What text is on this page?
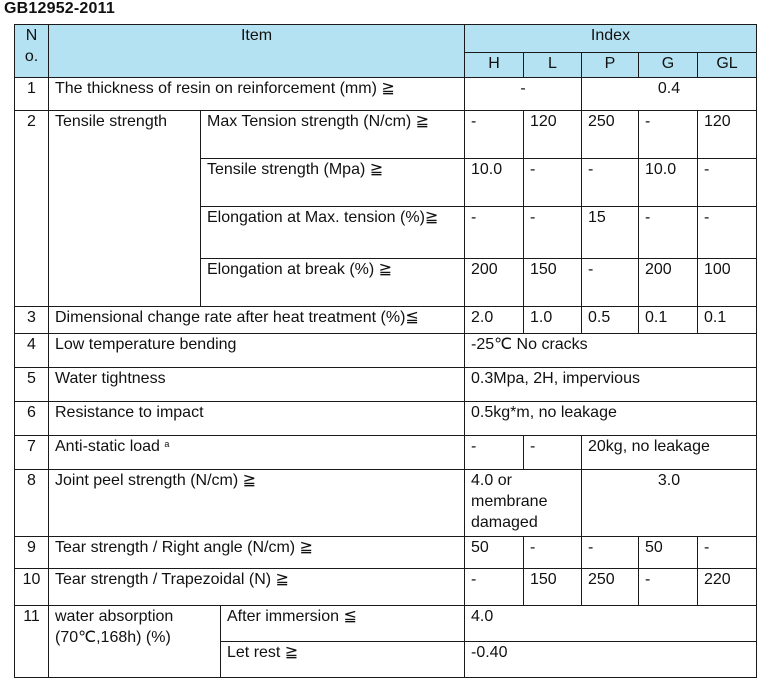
GB12952-2011
N o.	Item			Index				
				H	L	P	G	GL
1	The thickness of resin on reinforcement (mm) ≧			-		0.4		
2	Tensile strength	Max Tension strength (N/cm) ≧		-	120	250	-	120
		Tensile strength (Mpa) ≧		10.0	-	-	10.0	-
		Elongation at Max. tension (%)≧		-	-	15	-	-
		Elongation at break (%) ≧		200	150	-	200	100
3	Dimensional change rate after heat treatment (%)≦			2.0	1.0	0.5	0.1	0.1
4	Low temperature bending			-25℃ No cracks				
5	Water tightness			0.3Mpa, 2H, impervious				
6	Resistance to impact			0.5kg*m, no leakage				
7	Anti-static load $^a$			-	-	20kg, no leakage		
8	Joint peel strength (N/cm) ≧			4.0 or membrane damaged		3.0		
9	Tear strength / Right angle (N/cm) ≧			50	-	-	50	-
10	Tear strength / Trapezoidal (N) ≧			-	150	250	-	220
11	water absorption (70℃,168h) (%)		After immersion ≦	4.0				
			Let rest ≧	-0.40				
